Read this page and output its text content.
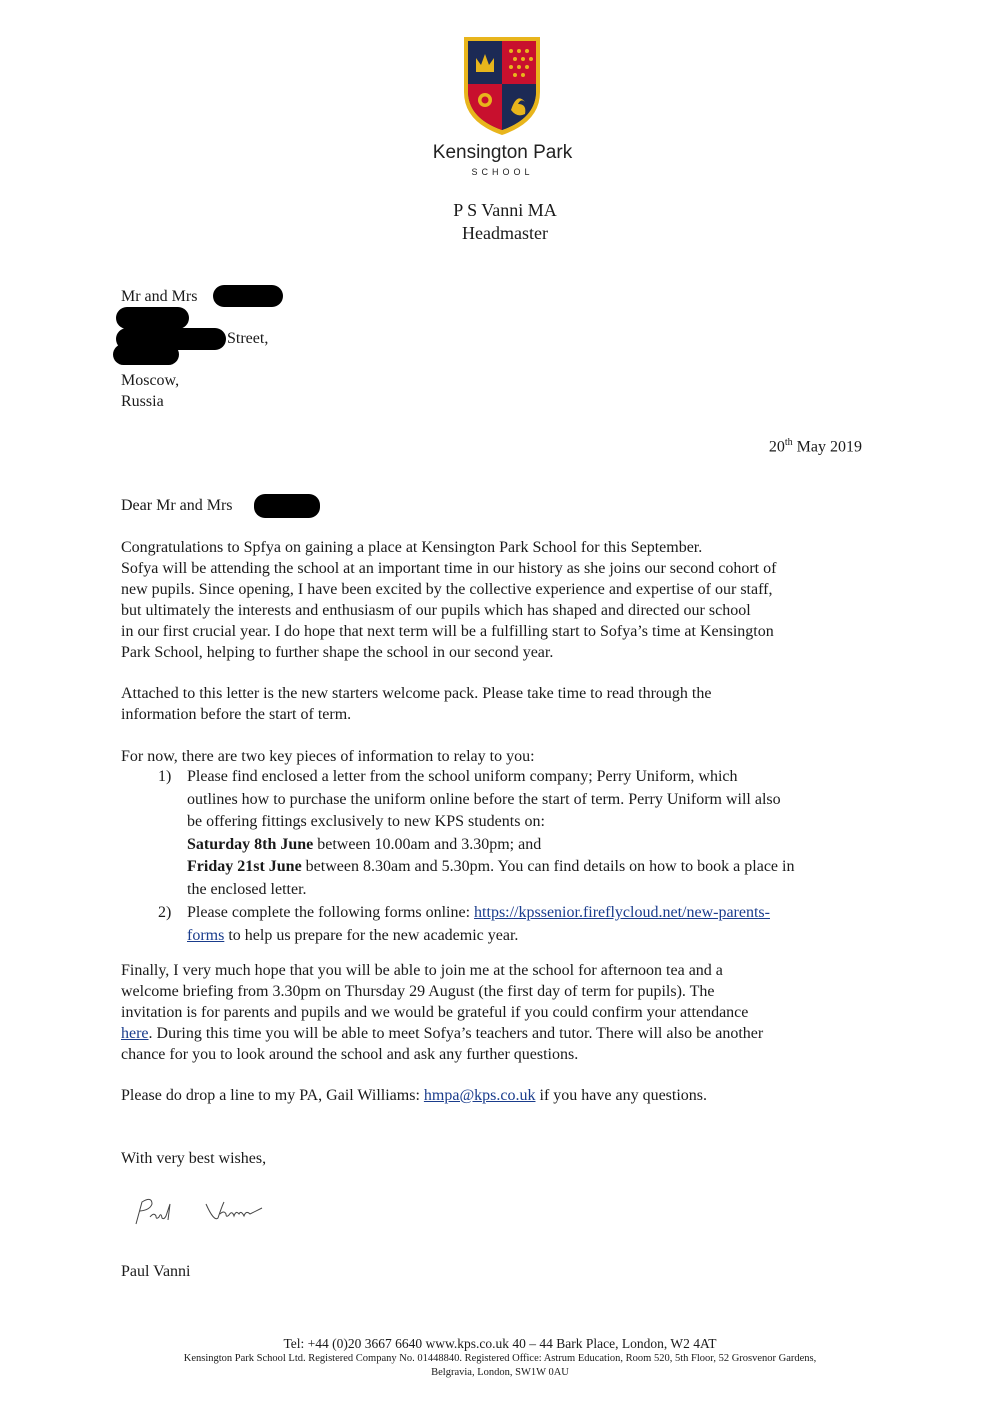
Kensington Park
SCHOOL
P S Vanni MA
Headmaster
Mr and Mrs
Street,
Moscow,
Russia
20th May 2019
Dear Mr and Mrs

Congratulations to Spfya on gaining a place at Kensington Park School for this September.

Sofya will be attending the school at an important time in our history as she joins our second cohort of

new pupils. Since opening, I have been excited by the collective experience and expertise of our staff,

but ultimately the interests and enthusiasm of our pupils which has shaped and directed our school

in our first crucial year. I do hope that next term will be a fulfilling start to Sofya’s time at Kensington

Park School, helping to further shape the school in our second year.

Attached to this letter is the new starters welcome pack. Please take time to read through the

information before the start of term.

For now, there are two key pieces of information to relay to you:
1) Please find enclosed a letter from the school uniform company; Perry Uniform, which
outlines how to purchase the uniform online before the start of term. Perry Uniform will also
be offering fittings exclusively to new KPS students on:
Saturday 8th June between 10.00am and 3.30pm; and
Friday 21st June between 8.30am and 5.30pm. You can find details on how to book a place in
the enclosed letter.
2) Please complete the following forms online: https://kpssenior.fireflycloud.net/new-parents-
forms to help us prepare for the new academic year.

Finally, I very much hope that you will be able to join me at the school for afternoon tea and a

welcome briefing from 3.30pm on Thursday 29 August (the first day of term for pupils). The

invitation is for parents and pupils and we would be grateful if you could confirm your attendance

here. During this time you will be able to meet Sofya’s teachers and tutor. There will also be another

chance for you to look around the school and ask any further questions.

Please do drop a line to my PA, Gail Williams: hmpa@kps.co.uk if you have any questions.
With very best wishes,
Paul Vanni
Tel: +44 (0)20 3667 6640 www.kps.co.uk 40 – 44 Bark Place, London, W2 4AT
Kensington Park School Ltd. Registered Company No. 01448840. Registered Office: Astrum Education, Room 520, 5th Floor, 52 Grosvenor Gardens,
Belgravia, London, SW1W 0AU
